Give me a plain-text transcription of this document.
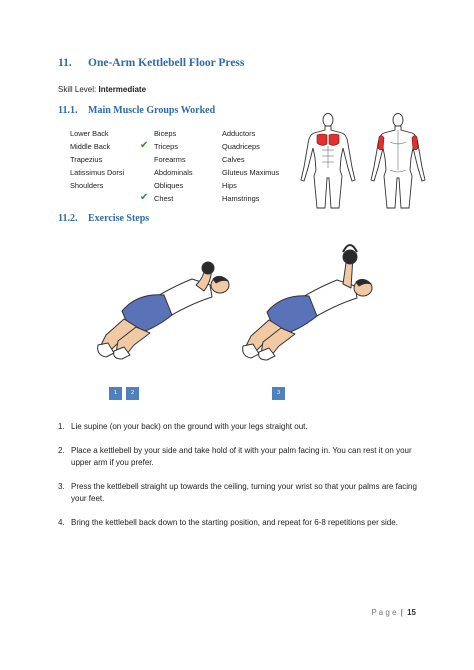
11. One-Arm Kettlebell Floor Press
Skill Level: Intermediate
11.1. Main Muscle Groups Worked
Lower Back
Middle Back
Trapezius
Latissimus Dorsi
Shoulders
Biceps
✔ Triceps
Forearms
Abdominals
Obliques
✔ Chest
Adductors
Quadriceps
Calves
Gluteus Maximus
Hips
Hamstrings
11.2. Exercise Steps
1	2	3
1. Lie supine (on your back) on the ground with your legs straight out.
2. Place a kettlebell by your side and take hold of it with your palm facing in. You can rest it on your upper arm if you prefer.
3. Press the kettlebell straight up towards the ceiling, turning your wrist so that your palms are facing your feet.
4. Bring the kettlebell back down to the starting position, and repeat for 6-8 repetitions per side.
P a g e | 15
